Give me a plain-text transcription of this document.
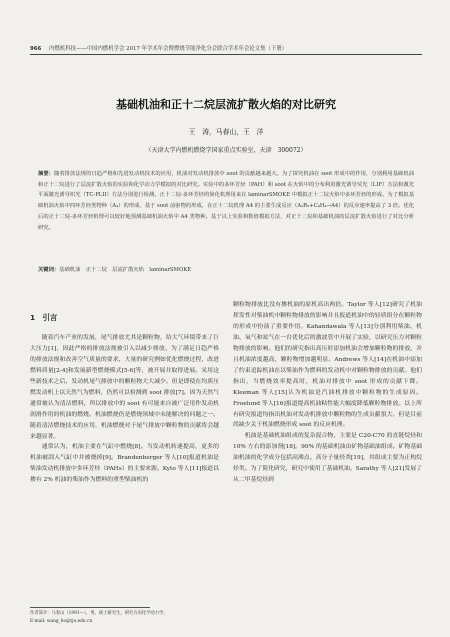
966 内燃机科技——中国内燃机学会 2017 年学术年会暨燃烧节能净化分会联合学术年会论文集（下册）
基础机油和正十二烷层流扩散火焰的对比研究
王　涛，马春山，王　洋
（天津大学内燃机燃烧学国家重点实验室，天津　300072）
摘要：随着排放法规的日趋严格和先进发动机技术的应用，机油对发动机排放中 soot 的贡献越来越大。为了探究机油在 soot 形成中的作用，分别利用基础机油和正十二烷进行了层流扩散火焰的实验和化学动力学模拟的对比研究。实验中的多环芳烃（PAH）和 soot 在火焰中的分布利用激光诱导荧光（LIF）方法和激光平面激光诱导炽光（TC-PLII）方法分别进行检测。正十二烷-多环芳烃的简化机理用来在 laminarSMOKE 中模拟正十二烷火焰中多环芳烃的形成。为了模拟基础机油火焰中四环芳烃类物种（A₄）的形成，基于 soot 前驱物的形成，在正十二烷机理 A4 的主要生成反应（A₂R₅+C₄H₄→A4）的反应速率提高了 3 倍。优化后的正十二烷-多环芳烃机理可以较好地预测基础机油火焰中 A4 类物种。基于以上实验和数值模拟方法，对正十二烷和基础机油的层流扩散火焰进行了对比分析研究。
关键词：基础机油　正十二烷　层流扩散火焰　laminarSMOKE
1　引言

随着汽车产业的发展，尾气排放尤其是颗粒物，给大气环境带来了巨大压力[1]，因此严格的排放法规被引入以减少排放。为了满足日趋严格的排放法规和改善空气质量的要求，大量的研究例如优化燃烧过程，改进燃料质量[2-4]和发展新型燃烧模式[5-6]等，被开展并取得进展。采用这些新技术之后，发动机尾气排放中的颗粒物大大减少。但是即使在均质压燃发动机上以天然气为燃料，仍然可以检测到 soot 排放[7]。因为天然气通常被认为清洁燃料，所以排放中的 soot 有可能来自被广泛用作发动机润滑作用的机油的燃烧。机油燃烧仍是燃烧领域中未能解决的问题之一。随着清洁燃烧技术的应用，机油燃烧对于尾气排放中颗粒物的贡献将会越来越显著。

通常认为，机油主要在气缸中燃烧[8]。当发动机转速提高，更多的机油被刮入气缸中并被烧掉[9]。Brandenberger 等人[10]报道机油是柴油发动机排放中多环芳烃（PAHs）的主要来源。Kyto 等人[11]报道以掺有 2% 机油的柴油作为燃料的重型柴油机的

颗粒物排放比没有掺机油的原机高出两倍。Taylor 等人[12]研究了机油挥发性对柴油机中颗粒物排放的影响并且报道机油中的轻质组分在颗粒物的形成中扮演了重要作用。Kahandawala 等人[13]分别利用柴油、机油、氧气和氮气在一台优化后的激波管中开展了实验，以研究压力对颗粒物排放的影响。他们的研究指出高压时添加机油会增加颗粒物的排放，并且机油浓度越高，颗粒物增加越明显。Andrews 等人[14]在机油中添加了约束追踪机油在以柴油作为燃料的发动机中对颗粒物排放的贡献。他们指出，当燃烧效率提高时，机油对排放中 soot 形成的贡献下降。Kleeman 等人[15]认为机油是汽油机排放中颗粒物的生成原因。Froelund 等人[16]报道提高机油粘性能大幅度降低颗粒物排放。以上所有研究报道均指出机油对发动机排放中颗粒物的生成贡献很大。但是目前尚缺少关于机油燃烧形成 soot 的反应机理。

机油是基础机油组成的复杂混合物，主要是 C20-C70 的直链烷烃和 10% 左右的添加剂[18]。90% 的基础机油由矿物基础油组成。矿物基础油机油的化学成分包括高沸点、高分子量烃类[19]，其组成主要为正构烷烃类。为了简化研究，研究中使用了基础机油。Sarathy 等人[21]发展了从二甲基烷烃到

作者简介：马春山（1991—），男，硕士研究生，研究方向化学动力学。
E-mail: wang_ho@tju.edu.cn
